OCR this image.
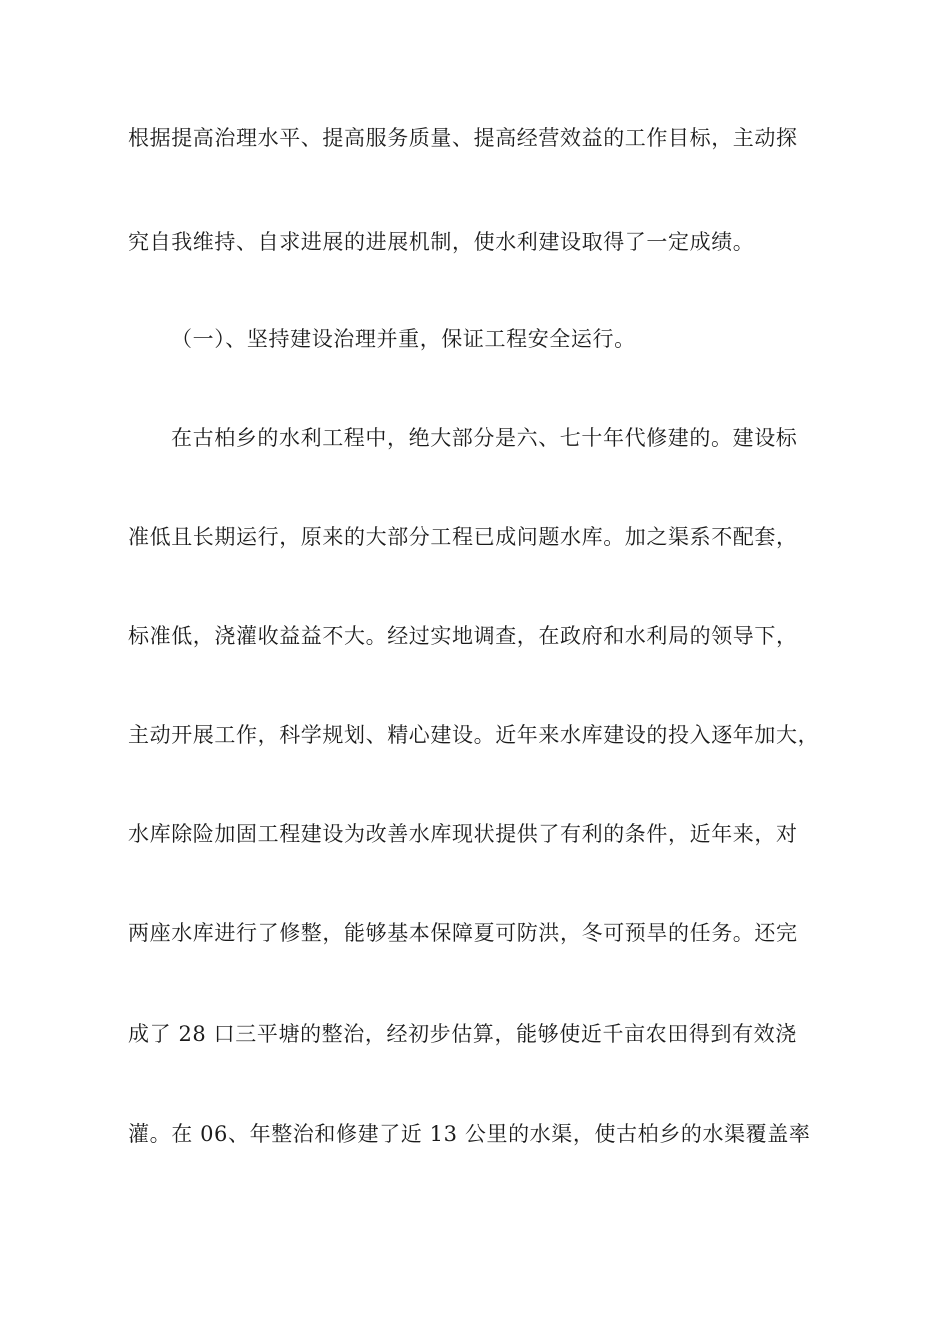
根据提高治理水平、提高服务质量、提高经营效益的工作目标，主动探
究自我维持、自求进展的进展机制，使水利建设取得了一定成绩。
（一）、坚持建设治理并重，保证工程安全运行。
在古柏乡的水利工程中，绝大部分是六、七十年代修建的。建设标
准低且长期运行，原来的大部分工程已成问题水库。加之渠系不配套，
标准低，浇灌收益益不大。经过实地调查，在政府和水利局的领导下，
主动开展工作，科学规划、精心建设。近年来水库建设的投入逐年加大，
水库除险加固工程建设为改善水库现状提供了有利的条件，近年来，对
两座水库进行了修整，能够基本保障夏可防洪，冬可预旱的任务。还完
成了 28 口三平塘的整治，经初步估算，能够使近千亩农田得到有效浇
灌。在 06、年整治和修建了近 13 公里的水渠，使古柏乡的水渠覆盖率
